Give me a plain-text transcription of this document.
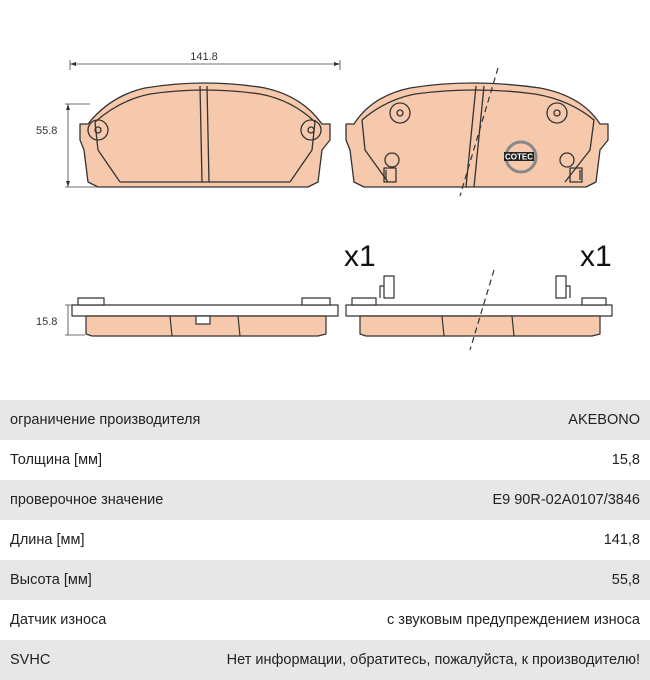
141.8
55.8
15.8
COTEC
x1	x1
ограничение производителя	AKEBONO
Толщина [мм]	15,8
проверочное значение	E9 90R-02A0107/3846
Длина [мм]	141,8
Высота [мм]	55,8
Датчик износа	с звуковым предупреждением износа
SVHC	Нет информации, обратитесь, пожалуйста, к производителю!
